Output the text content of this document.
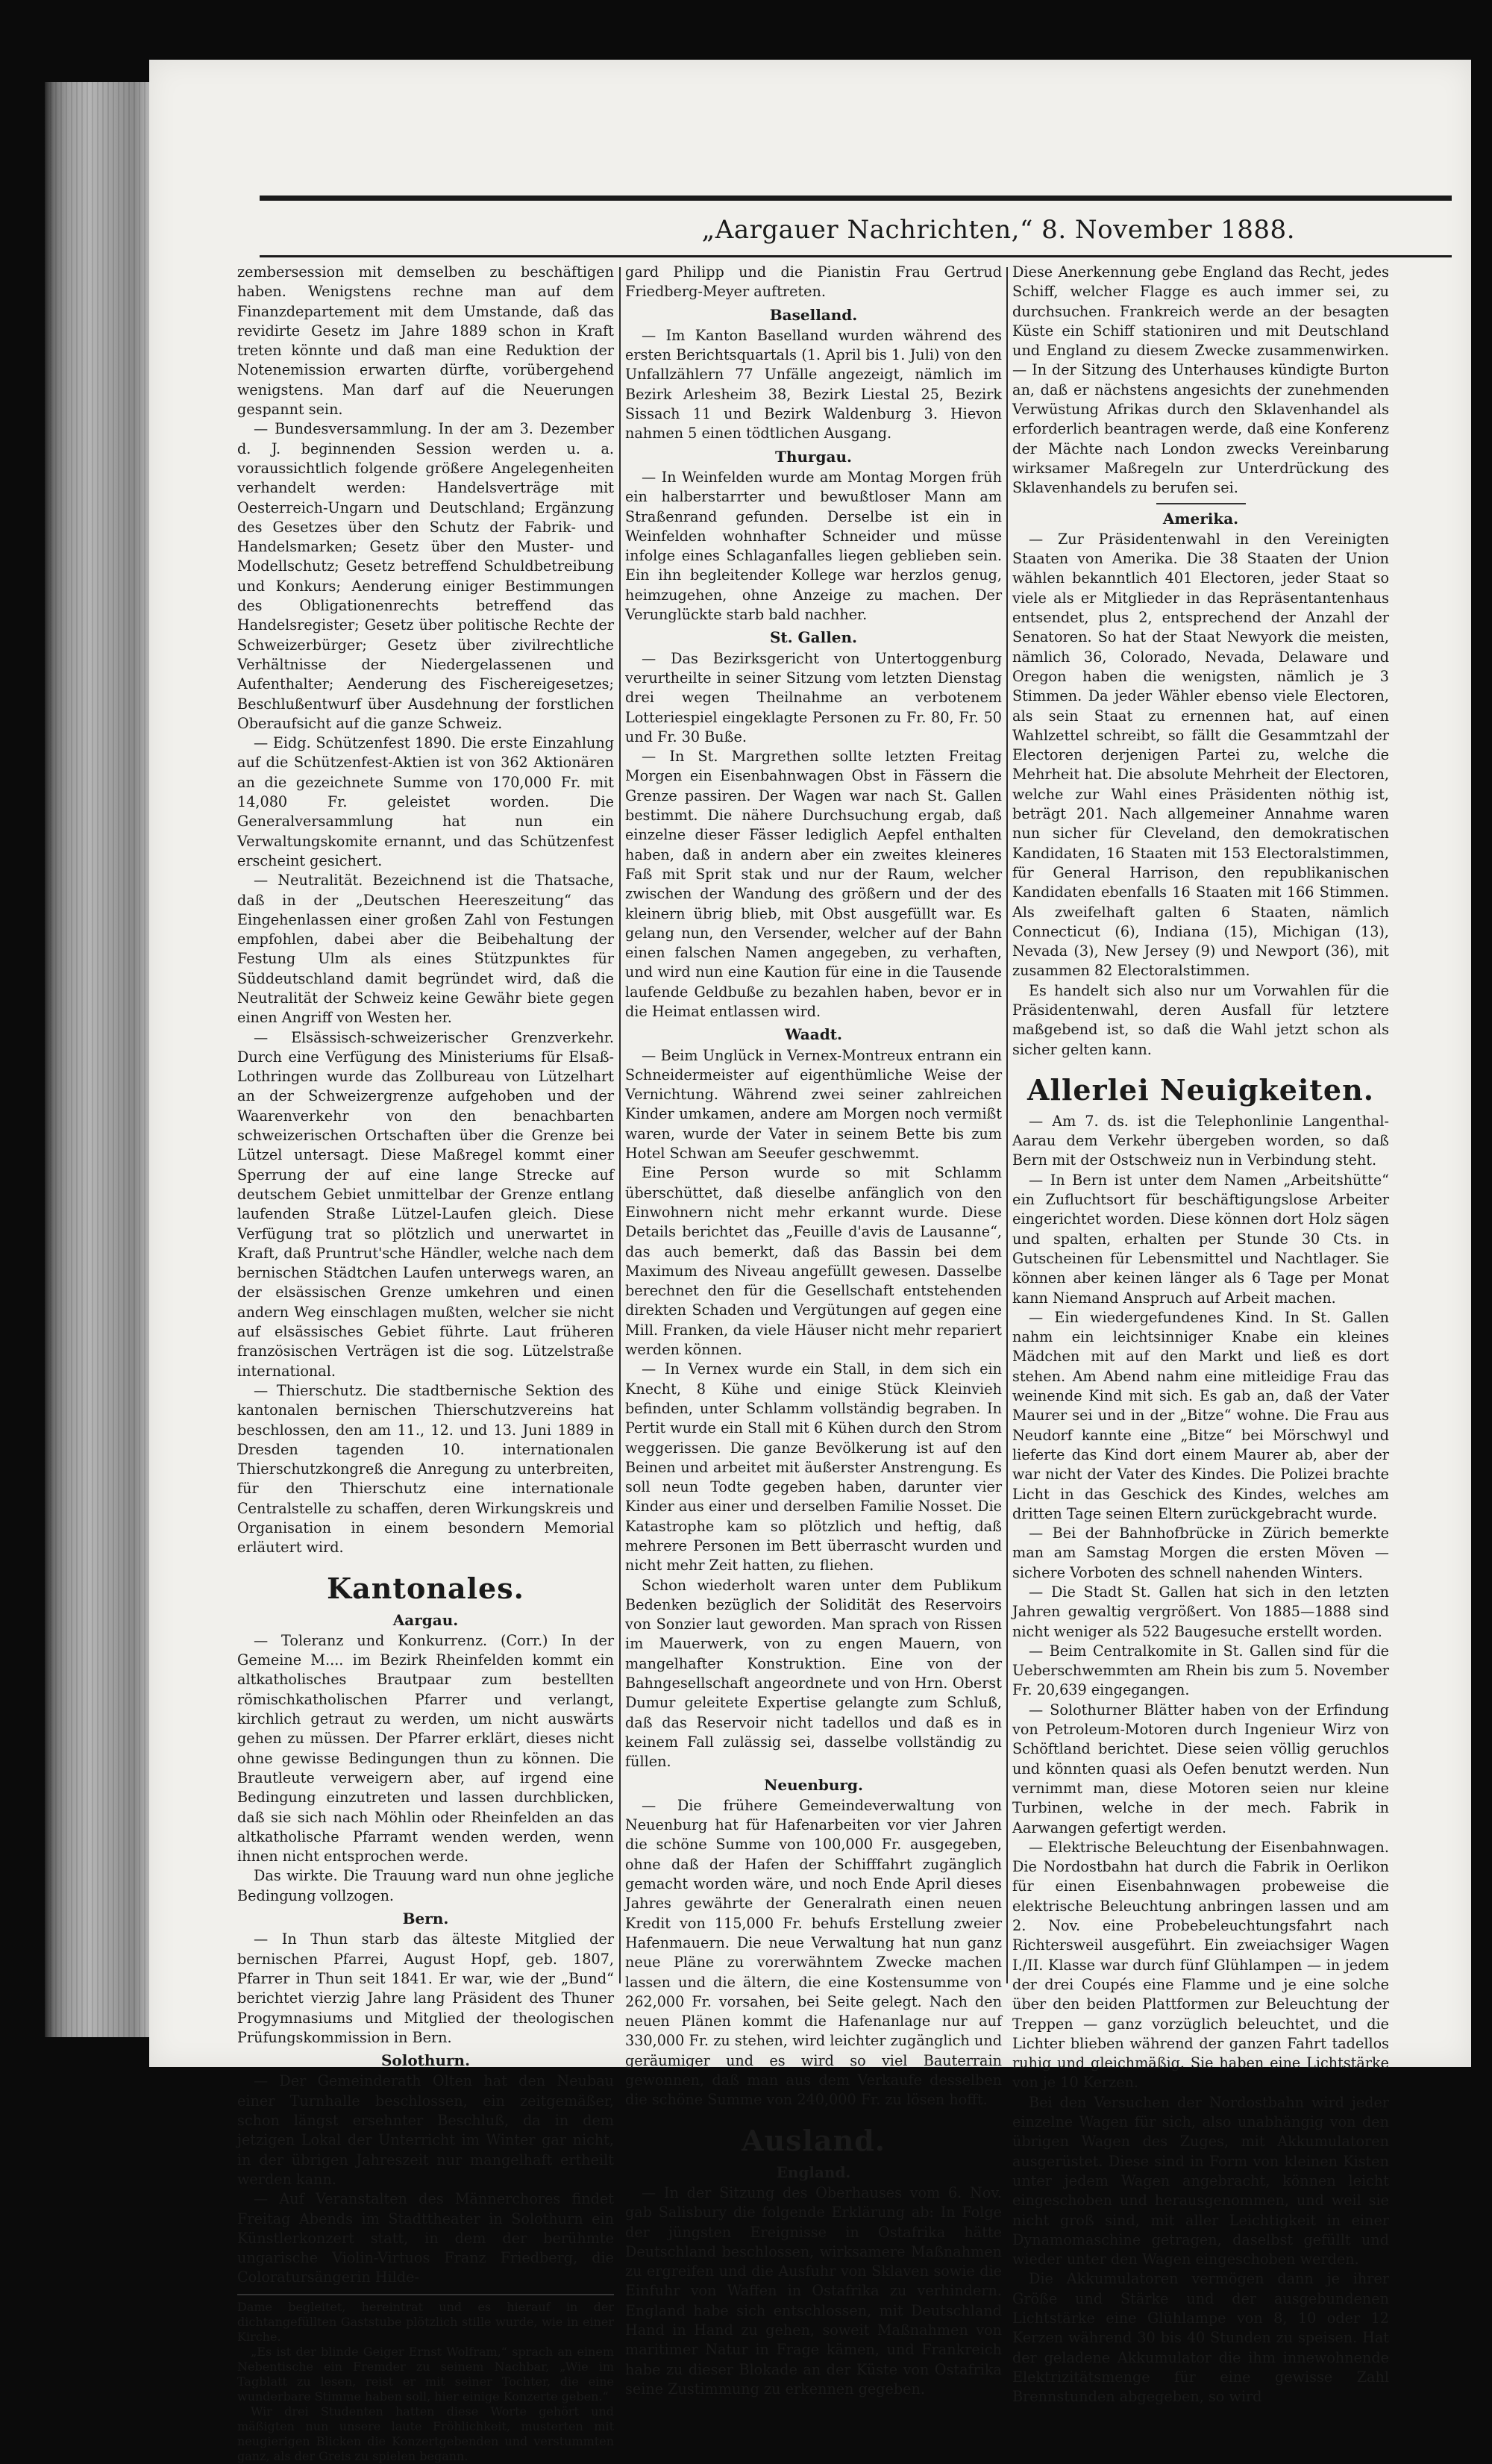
„Aargauer Nachrichten,“ 8. November 1888.

zembersession mit demselben zu beschäftigen haben. Wenigstens rechne man auf dem Finanzdepartement mit dem Umstande, daß das revidirte Gesetz im Jahre 1889 schon in Kraft treten könnte und daß man eine Reduktion der Notenemission erwarten dürfte, vorübergehend wenigstens. Man darf auf die Neuerungen gespannt sein.

— Bundesversammlung. In der am 3. Dezember d. J. beginnenden Session werden u. a. voraussichtlich folgende größere Angelegenheiten verhandelt werden: Handelsverträge mit Oesterreich-Ungarn und Deutschland; Ergänzung des Gesetzes über den Schutz der Fabrik- und Handelsmarken; Gesetz über den Muster- und Modellschutz; Gesetz betreffend Schuldbetreibung und Konkurs; Aenderung einiger Bestimmungen des Obligationenrechts betreffend das Handelsregister; Gesetz über politische Rechte der Schweizerbürger; Gesetz über zivilrechtliche Verhältnisse der Niedergelassenen und Aufenthalter; Aenderung des Fischereigesetzes; Beschlußentwurf über Ausdehnung der forstlichen Oberaufsicht auf die ganze Schweiz.

— Eidg. Schützenfest 1890. Die erste Einzahlung auf die Schützenfest-Aktien ist von 362 Aktionären an die gezeichnete Summe von 170,000 Fr. mit 14,080 Fr. geleistet worden. Die Generalversammlung hat nun ein Verwaltungskomite ernannt, und das Schützenfest erscheint gesichert.

— Neutralität. Bezeichnend ist die Thatsache, daß in der „Deutschen Heereszeitung“ das Eingehenlassen einer großen Zahl von Festungen empfohlen, dabei aber die Beibehaltung der Festung Ulm als eines Stützpunktes für Süddeutschland damit begründet wird, daß die Neutralität der Schweiz keine Gewähr biete gegen einen Angriff von Westen her.

— Elsässisch-schweizerischer Grenzverkehr. Durch eine Verfügung des Ministeriums für Elsaß-Lothringen wurde das Zollbureau von Lützelhart an der Schweizergrenze aufgehoben und der Waarenverkehr von den benachbarten schweizerischen Ortschaften über die Grenze bei Lützel untersagt. Diese Maßregel kommt einer Sperrung der auf eine lange Strecke auf deutschem Gebiet unmittelbar der Grenze entlang laufenden Straße Lützel-Laufen gleich. Diese Verfügung trat so plötzlich und unerwartet in Kraft, daß Pruntrut'sche Händler, welche nach dem bernischen Städtchen Laufen unterwegs waren, an der elsässischen Grenze umkehren und einen andern Weg einschlagen mußten, welcher sie nicht auf elsässisches Gebiet führte. Laut früheren französischen Verträgen ist die sog. Lützelstraße international.

— Thierschutz. Die stadtbernische Sektion des kantonalen bernischen Thierschutzvereins hat beschlossen, den am 11., 12. und 13. Juni 1889 in Dresden tagenden 10. internationalen Thierschutzkongreß die Anregung zu unterbreiten, für den Thierschutz eine internationale Centralstelle zu schaffen, deren Wirkungskreis und Organisation in einem besondern Memorial erläutert wird.

Kantonales.
Aargau.

— Toleranz und Konkurrenz. (Corr.) In der Gemeine M.... im Bezirk Rheinfelden kommt ein altkatholisches Brautpaar zum bestellten römischkatholischen Pfarrer und verlangt, kirchlich getraut zu werden, um nicht auswärts gehen zu müssen. Der Pfarrer erklärt, dieses nicht ohne gewisse Bedingungen thun zu können. Die Brautleute verweigern aber, auf irgend eine Bedingung einzutreten und lassen durchblicken, daß sie sich nach Möhlin oder Rheinfelden an das altkatholische Pfarramt wenden werden, wenn ihnen nicht entsprochen werde.

Das wirkte. Die Trauung ward nun ohne jegliche Bedingung vollzogen.

Bern.

— In Thun starb das älteste Mitglied der bernischen Pfarrei, August Hopf, geb. 1807, Pfarrer in Thun seit 1841. Er war, wie der „Bund“ berichtet vierzig Jahre lang Präsident des Thuner Progymnasiums und Mitglied der theologischen Prüfungskommission in Bern.

Solothurn.

— Der Gemeinderath Olten hat den Neubau einer Turnhalle beschlossen, ein zeitgemäßer, schon längst ersehnter Beschluß, da in dem jetzigen Lokal der Unterricht im Winter gar nicht, in der übrigen Jahreszeit nur mangelhaft ertheilt werden kann.

— Auf Veranstalten des Männerchores findet Freitag Abends im Stadttheater in Solothurn ein Künstlerkonzert statt, in dem der berühmte ungarische Violin-Virtuos Franz Friedberg, die Coloratursängerin Hilde-

Dame begleitet, hereintrat und es hierauf in der dichtangefüllten Gaststube plötzlich stille wurde, wie in einer Kirche.

„Es ist der blinde Geiger Ernst Wolfram,“ sprach an einem Nebentische ein Fremder zu seinem Nachbar, „Wie im Tagblatt zu lesen, reist er mit seiner Tochter, die eine wunderbare Stimme haben soll, hier einige Konzerte geben.“

Wir drei Studenten hatten diese Worte gehört und mäßigten nun unsere laute Fröhlichkeit, musterten mit neugierigen Blicken die Konzertgebenden und verstummten ganz, als der Greis zu spielen begann.

gard Philipp und die Pianistin Frau Gertrud Friedberg-Meyer auftreten.

Baselland.

— Im Kanton Baselland wurden während des ersten Berichtsquartals (1. April bis 1. Juli) von den Unfallzählern 77 Unfälle angezeigt, nämlich im Bezirk Arlesheim 38, Bezirk Liestal 25, Bezirk Sissach 11 und Bezirk Waldenburg 3. Hievon nahmen 5 einen tödtlichen Ausgang.

Thurgau.

— In Weinfelden wurde am Montag Morgen früh ein halberstarrter und bewußtloser Mann am Straßenrand gefunden. Derselbe ist ein in Weinfelden wohnhafter Schneider und müsse infolge eines Schlaganfalles liegen geblieben sein. Ein ihn begleitender Kollege war herzlos genug, heimzugehen, ohne Anzeige zu machen. Der Verunglückte starb bald nachher.

St. Gallen.

— Das Bezirksgericht von Untertoggenburg verurtheilte in seiner Sitzung vom letzten Dienstag drei wegen Theilnahme an verbotenem Lotteriespiel eingeklagte Personen zu Fr. 80, Fr. 50 und Fr. 30 Buße.

— In St. Margrethen sollte letzten Freitag Morgen ein Eisenbahnwagen Obst in Fässern die Grenze passiren. Der Wagen war nach St. Gallen bestimmt. Die nähere Durchsuchung ergab, daß einzelne dieser Fässer lediglich Aepfel enthalten haben, daß in andern aber ein zweites kleineres Faß mit Sprit stak und nur der Raum, welcher zwischen der Wandung des größern und der des kleinern übrig blieb, mit Obst ausgefüllt war. Es gelang nun, den Versender, welcher auf der Bahn einen falschen Namen angegeben, zu verhaften, und wird nun eine Kaution für eine in die Tausende laufende Geldbuße zu bezahlen haben, bevor er in die Heimat entlassen wird.

Waadt.

— Beim Unglück in Vernex-Montreux entrann ein Schneidermeister auf eigenthümliche Weise der Vernichtung. Während zwei seiner zahlreichen Kinder umkamen, andere am Morgen noch vermißt waren, wurde der Vater in seinem Bette bis zum Hotel Schwan am Seeufer geschwemmt.

Eine Person wurde so mit Schlamm überschüttet, daß dieselbe anfänglich von den Einwohnern nicht mehr erkannt wurde. Diese Details berichtet das „Feuille d'avis de Lausanne“, das auch bemerkt, daß das Bassin bei dem Maximum des Niveau angefüllt gewesen. Dasselbe berechnet den für die Gesellschaft entstehenden direkten Schaden und Vergütungen auf gegen eine Mill. Franken, da viele Häuser nicht mehr repariert werden können.

— In Vernex wurde ein Stall, in dem sich ein Knecht, 8 Kühe und einige Stück Kleinvieh befinden, unter Schlamm vollständig begraben. In Pertit wurde ein Stall mit 6 Kühen durch den Strom weggerissen. Die ganze Bevölkerung ist auf den Beinen und arbeitet mit äußerster Anstrengung. Es soll neun Todte gegeben haben, darunter vier Kinder aus einer und derselben Familie Nosset. Die Katastrophe kam so plötzlich und heftig, daß mehrere Personen im Bett überrascht wurden und nicht mehr Zeit hatten, zu fliehen.

Schon wiederholt waren unter dem Publikum Bedenken bezüglich der Solidität des Reservoirs von Sonzier laut geworden. Man sprach von Rissen im Mauerwerk, von zu engen Mauern, von mangelhafter Konstruktion. Eine von der Bahngesellschaft angeordnete und von Hrn. Oberst Dumur geleitete Expertise gelangte zum Schluß, daß das Reservoir nicht tadellos und daß es in keinem Fall zulässig sei, dasselbe vollständig zu füllen.

Neuenburg.

— Die frühere Gemeindeverwaltung von Neuenburg hat für Hafenarbeiten vor vier Jahren die schöne Summe von 100,000 Fr. ausgegeben, ohne daß der Hafen der Schifffahrt zugänglich gemacht worden wäre, und noch Ende April dieses Jahres gewährte der Generalrath einen neuen Kredit von 115,000 Fr. behufs Erstellung zweier Hafenmauern. Die neue Verwaltung hat nun ganz neue Pläne zu vorerwähntem Zwecke machen lassen und die ältern, die eine Kostensumme von 262,000 Fr. vorsahen, bei Seite gelegt. Nach den neuen Plänen kommt die Hafenanlage nur auf 330,000 Fr. zu stehen, wird leichter zugänglich und geräumiger und es wird so viel Bauterrain gewonnen, daß man aus dem Verkaufe desselben die schöne Summe von 240,000 Fr. zu lösen hofft.

Ausland.
England.

— In der Sitzung des Oberhauses vom 6. Nov. gab Salisbury die folgende Erklärung ab: In Folge der jüngsten Ereignisse in Ostafrika hätte Deutschland beschlossen, wirksamere Maßnahmen zu ergreifen und die Ausfuhr von Sklaven sowie die Einfuhr von Waffen in Ostafrika zu verhindern. England habe sich entschlossen, mit Deutschland Hand in Hand zu gehen, soweit Maßnahmen von maritimer Natur in Frage kämen, und Frankreich habe zu dieser Blokade an der Küste von Ostafrika seine Zustimmung zu erkennen gegeben.

Diese Anerkennung gebe England das Recht, jedes Schiff, welcher Flagge es auch immer sei, zu durchsuchen. Frankreich werde an der besagten Küste ein Schiff stationiren und mit Deutschland und England zu diesem Zwecke zusammenwirken. — In der Sitzung des Unterhauses kündigte Burton an, daß er nächstens angesichts der zunehmenden Verwüstung Afrikas durch den Sklavenhandel als erforderlich beantragen werde, daß eine Konferenz der Mächte nach London zwecks Vereinbarung wirksamer Maßregeln zur Unterdrückung des Sklavenhandels zu berufen sei.

Amerika.

— Zur Präsidentenwahl in den Vereinigten Staaten von Amerika. Die 38 Staaten der Union wählen bekanntlich 401 Electoren, jeder Staat so viele als er Mitglieder in das Repräsentantenhaus entsendet, plus 2, entsprechend der Anzahl der Senatoren. So hat der Staat Newyork die meisten, nämlich 36, Colorado, Nevada, Delaware und Oregon haben die wenigsten, nämlich je 3 Stimmen. Da jeder Wähler ebenso viele Electoren, als sein Staat zu ernennen hat, auf einen Wahlzettel schreibt, so fällt die Gesammtzahl der Electoren derjenigen Partei zu, welche die Mehrheit hat. Die absolute Mehrheit der Electoren, welche zur Wahl eines Präsidenten nöthig ist, beträgt 201. Nach allgemeiner Annahme waren nun sicher für Cleveland, den demokratischen Kandidaten, 16 Staaten mit 153 Electoralstimmen, für General Harrison, den republikanischen Kandidaten ebenfalls 16 Staaten mit 166 Stimmen. Als zweifelhaft galten 6 Staaten, nämlich Connecticut (6), Indiana (15), Michigan (13), Nevada (3), New Jersey (9) und Newport (36), mit zusammen 82 Electoralstimmen.

Es handelt sich also nur um Vorwahlen für die Präsidentenwahl, deren Ausfall für letztere maßgebend ist, so daß die Wahl jetzt schon als sicher gelten kann.

Allerlei Neuigkeiten.

— Am 7. ds. ist die Telephonlinie Langenthal-Aarau dem Verkehr übergeben worden, so daß Bern mit der Ostschweiz nun in Verbindung steht.

— In Bern ist unter dem Namen „Arbeitshütte“ ein Zufluchtsort für beschäftigungslose Arbeiter eingerichtet worden. Diese können dort Holz sägen und spalten, erhalten per Stunde 30 Cts. in Gutscheinen für Lebensmittel und Nachtlager. Sie können aber keinen länger als 6 Tage per Monat kann Niemand Anspruch auf Arbeit machen.

— Ein wiedergefundenes Kind. In St. Gallen nahm ein leichtsinniger Knabe ein kleines Mädchen mit auf den Markt und ließ es dort stehen. Am Abend nahm eine mitleidige Frau das weinende Kind mit sich. Es gab an, daß der Vater Maurer sei und in der „Bitze“ wohne. Die Frau aus Neudorf kannte eine „Bitze“ bei Mörschwyl und lieferte das Kind dort einem Maurer ab, aber der war nicht der Vater des Kindes. Die Polizei brachte Licht in das Geschick des Kindes, welches am dritten Tage seinen Eltern zurückgebracht wurde.

— Bei der Bahnhofbrücke in Zürich bemerkte man am Samstag Morgen die ersten Möven — sichere Vorboten des schnell nahenden Winters.

— Die Stadt St. Gallen hat sich in den letzten Jahren gewaltig vergrößert. Von 1885—1888 sind nicht weniger als 522 Baugesuche erstellt worden.

— Beim Centralkomite in St. Gallen sind für die Ueberschwemmten am Rhein bis zum 5. November Fr. 20,639 eingegangen.

— Solothurner Blätter haben von der Erfindung von Petroleum-Motoren durch Ingenieur Wirz von Schöftland berichtet. Diese seien völlig geruchlos und könnten quasi als Oefen benutzt werden. Nun vernimmt man, diese Motoren seien nur kleine Turbinen, welche in der mech. Fabrik in Aarwangen gefertigt werden.

— Elektrische Beleuchtung der Eisenbahnwagen. Die Nordostbahn hat durch die Fabrik in Oerlikon für einen Eisenbahnwagen probeweise die elektrische Beleuchtung anbringen lassen und am 2. Nov. eine Probebeleuchtungsfahrt nach Richtersweil ausgeführt. Ein zweiachsiger Wagen I./II. Klasse war durch fünf Glühlampen — in jedem der drei Coupés eine Flamme und je eine solche über den beiden Plattformen zur Beleuchtung der Treppen — ganz vorzüglich beleuchtet, und die Lichter blieben während der ganzen Fahrt tadellos ruhig und gleichmäßig. Sie haben eine Lichtstärke von je 10 Kerzen.

Bei den Versuchen der Nordostbahn wird jeder einzelne Wagen für sich, also unabhängig von den übrigen Wagen des Zuges, mit Akkumulatoren ausgerüstet. Diese sind in Form von kleinen Kisten unter jedem Wagen angebracht, können leicht eingeschoben und herausgenommen, und weil sie nicht groß sind, mit aller Leichtigkeit in einer Dynamomaschine getragen, daselbst gefüllt und wieder unter den Wagen eingeschoben werden.

Die Akkumulatoren vermögen dann je ihrer Größe und Stärke und der ausgebundenen Lichtstärke eine Glühlampe von 8, 10 oder 12 Kerzen während 30 bis 40 Stunden zu speisen. Hat der geladene Akkumulator die ihm innewohnende Elektrizitätsmenge für eine gewisse Zahl Brennstunden abgegeben, so wird
